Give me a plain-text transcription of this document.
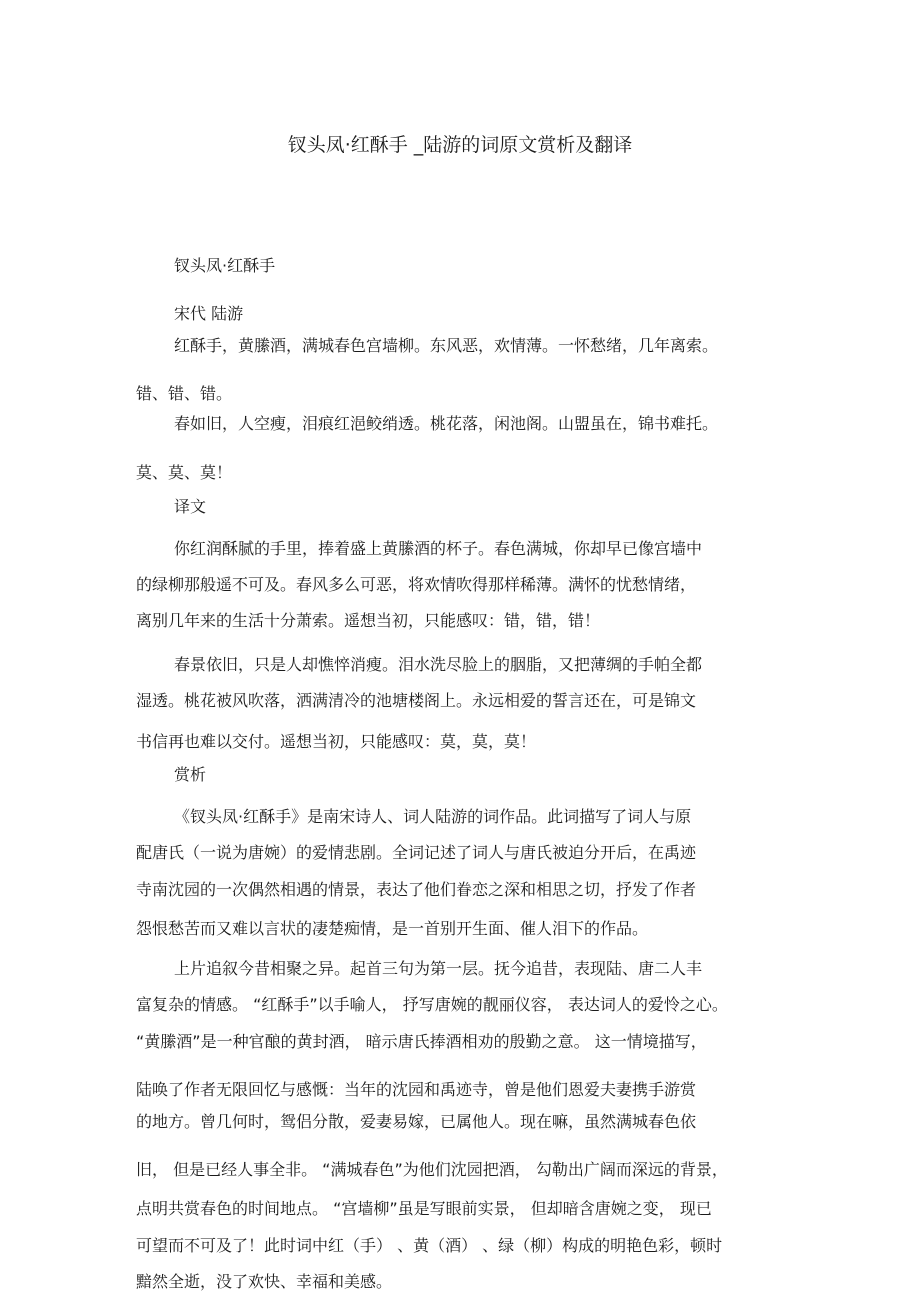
钗头凤·红酥手 _陆游的词原文赏析及翻译
钗头凤·红酥手
宋代 陆游
红酥手，黄縢酒，满城春色宫墙柳。东风恶，欢情薄。一怀愁绪，几年离索。
错、错、错。
春如旧，人空瘦，泪痕红浥鲛绡透。桃花落，闲池阁。山盟虽在，锦书难托。
莫、莫、莫！
译文
你红润酥腻的手里，捧着盛上黄縢酒的杯子。春色满城，你却早已像宫墙中
的绿柳那般遥不可及。春风多么可恶，将欢情吹得那样稀薄。满怀的忧愁情绪，
离别几年来的生活十分萧索。遥想当初，只能感叹：错，错，错！
春景依旧，只是人却憔悴消瘦。泪水洗尽脸上的胭脂，又把薄绸的手帕全都
湿透。桃花被风吹落，洒满清冷的池塘楼阁上。永远相爱的誓言还在，可是锦文
书信再也难以交付。遥想当初，只能感叹：莫，莫，莫！
赏析
《钗头凤·红酥手》是南宋诗人、词人陆游的词作品。此词描写了词人与原
配唐氏（一说为唐婉）的爱情悲剧。全词记述了词人与唐氏被迫分开后，在禹迹
寺南沈园的一次偶然相遇的情景，表达了他们眷恋之深和相思之切，抒发了作者
怨恨愁苦而又难以言状的凄楚痴情，是一首别开生面、催人泪下的作品。
上片追叙今昔相聚之异。起首三句为第一层。抚今追昔，表现陆、唐二人丰
富复杂的情感。 “红酥手”以手喻人， 抒写唐婉的靓丽仪容， 表达词人的爱怜之心。
“黄縢酒”是一种官酿的黄封酒， 暗示唐氏捧酒相劝的殷勤之意。 这一情境描写，
陆唤了作者无限回忆与感慨：当年的沈园和禹迹寺，曾是他们恩爱夫妻携手游赏
的地方。曾几何时，鸳侣分散，爱妻易嫁，已属他人。现在嘛，虽然满城春色依
旧， 但是已经人事全非。 “满城春色”为他们沈园把酒， 勾勒出广阔而深远的背景，
点明共赏春色的时间地点。 “宫墙柳”虽是写眼前实景， 但却暗含唐婉之变， 现已
可望而不可及了！此时词中红（手） 、黄（酒） 、绿（柳）构成的明艳色彩，顿时
黯然全逝，没了欢快、幸福和美感。
